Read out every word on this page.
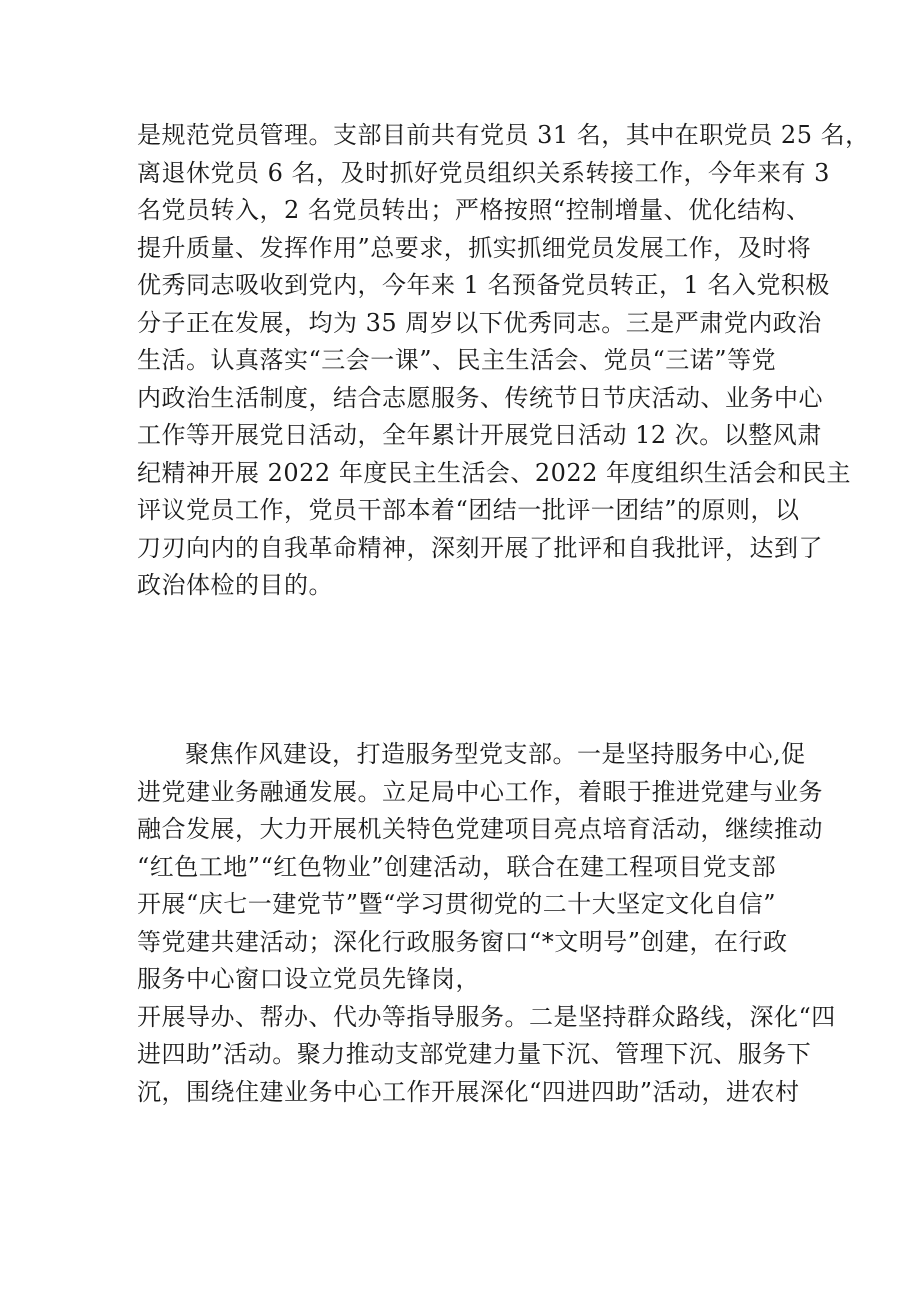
是规范党员管理。支部目前共有党员 31 名，其中在职党员 25 名，
离退休党员 6 名，及时抓好党员组织关系转接工作，今年来有 3
名党员转入，2 名党员转出；严格按照“控制增量、优化结构、
提升质量、发挥作用”总要求，抓实抓细党员发展工作，及时将
优秀同志吸收到党内，今年来 1 名预备党员转正，1 名入党积极
分子正在发展，均为 35 周岁以下优秀同志。三是严肃党内政治
生活。认真落实“三会一课”、民主生活会、党员“三诺”等党
内政治生活制度，结合志愿服务、传统节日节庆活动、业务中心
工作等开展党日活动，全年累计开展党日活动 12 次。以整风肃
纪精神开展 2022 年度民主生活会、2022 年度组织生活会和民主
评议党员工作，党员干部本着“团结一批评一团结”的原则，以
刀刃向内的自我革命精神，深刻开展了批评和自我批评，达到了
政治体检的目的。
聚焦作风建设，打造服务型党支部。一是坚持服务中心,促
进党建业务融通发展。立足局中心工作，着眼于推进党建与业务
融合发展，大力开展机关特色党建项目亮点培育活动，继续推动
“红色工地”“红色物业”创建活动，联合在建工程项目党支部
开展“庆七一建党节”暨“学习贯彻党的二十大坚定文化自信”
等党建共建活动；深化行政服务窗口“*文明号”创建，在行政
服务中心窗口设立党员先锋岗，
开展导办、帮办、代办等指导服务。二是坚持群众路线，深化“四
进四助”活动。聚力推动支部党建力量下沉、管理下沉、服务下
沉，围绕住建业务中心工作开展深化“四进四助”活动，进农村
